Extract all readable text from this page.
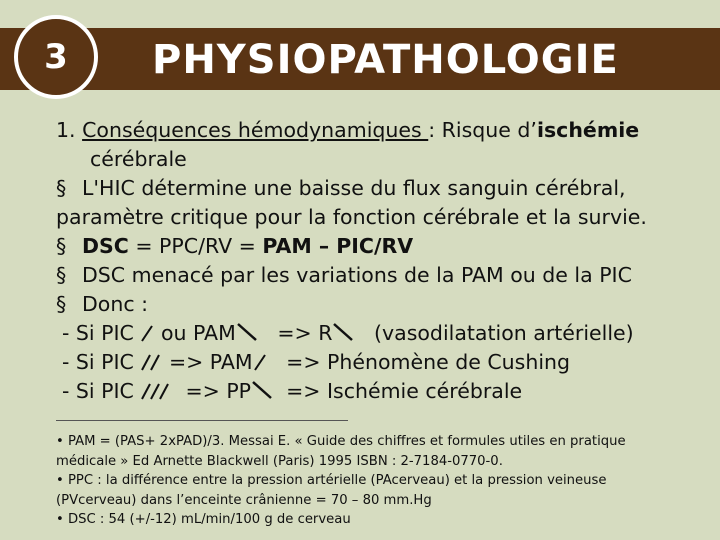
3 PHYSIOPATHOLOGIE
1. Conséquences hémodynamiques : Risque d’ischémie
cérébrale
§ L'HIC détermine une baisse du flux sanguin cérébral,
paramètre critique pour la fonction cérébrale et la survie.
§ DSC = PPC/RV = PAM – PIC/RV
§ DSC menacé par les variations de la PAM ou de la PIC
§ Donc :
- Si PIC ou PAM => R (vasodilatation artérielle)
- Si PIC => PAM => Phénomène de Cushing
- Si PIC	=> PP => Ischémie cérébrale
• PAM = (PAS+ 2xPAD)/3. Messai E. « Guide des chiffres et formules utiles en pratique
médicale » Ed Arnette Blackwell (Paris) 1995 ISBN : 2-7184-0770-0.
• PPC : la différence entre la pression artérielle (PAcerveau) et la pression veineuse
(PVcerveau) dans l’enceinte crânienne = 70 – 80 mm.Hg
• DSC : 54 (+/-12) mL/min/100 g de cerveau
